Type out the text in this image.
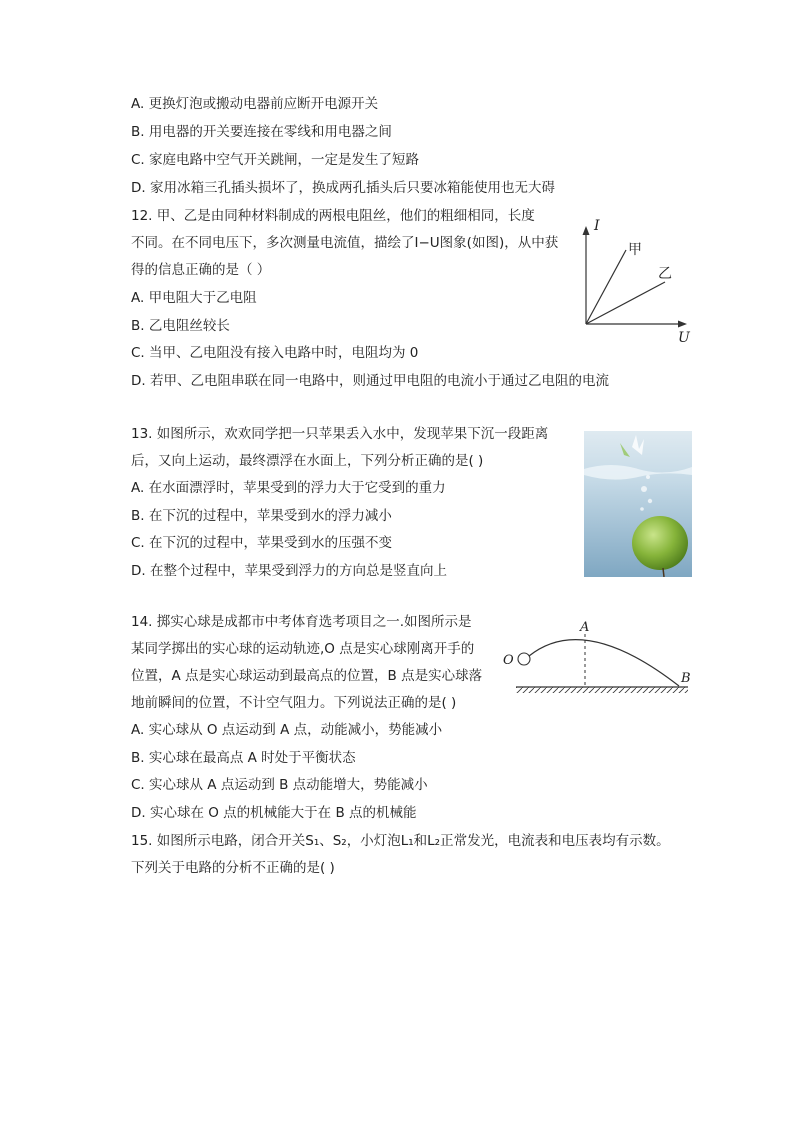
A. 更换灯泡或搬动电器前应断开电源开关
B. 用电器的开关要连接在零线和用电器之间
C. 家庭电路中空气开关跳闸，一定是发生了短路
D. 家用冰箱三孔插头损坏了，换成两孔插头后只要冰箱能使用也无大碍
12. 甲、乙是由同种材料制成的两根电阻丝，他们的粗细相同，长度
不同。在不同电压下，多次测量电流值，描绘了I−U图象(如图)，从中获
得的信息正确的是（ ）
A. 甲电阻大于乙电阻
B. 乙电阻丝较长
C. 当甲、乙电阻没有接入电路中时，电阻均为 0
D. 若甲、乙电阻串联在同一电路中，则通过甲电阻的电流小于通过乙电阻的电流
I
U
甲
乙
13. 如图所示，欢欢同学把一只苹果丢入水中，发现苹果下沉一段距离
后，又向上运动，最终漂浮在水面上，下列分析正确的是( )
A. 在水面漂浮时，苹果受到的浮力大于它受到的重力
B. 在下沉的过程中，苹果受到水的浮力减小
C. 在下沉的过程中，苹果受到水的压强不变
D. 在整个过程中，苹果受到浮力的方向总是竖直向上
14. 掷实心球是成都市中考体育选考项目之一.如图所示是
某同学掷出的实心球的运动轨迹,O 点是实心球刚离开手的
位置，A 点是实心球运动到最高点的位置，B 点是实心球落
地前瞬间的位置，不计空气阻力。下列说法正确的是( )
A. 实心球从 O 点运动到 A 点，动能减小，势能减小
B. 实心球在最高点 A 时处于平衡状态
C. 实心球从 A 点运动到 B 点动能增大，势能减小
D. 实心球在 O 点的机械能大于在 B 点的机械能
O
A
B
15. 如图所示电路，闭合开关S₁、S₂，小灯泡L₁和L₂正常发光，电流表和电压表均有示数。
下列关于电路的分析不正确的是( )
